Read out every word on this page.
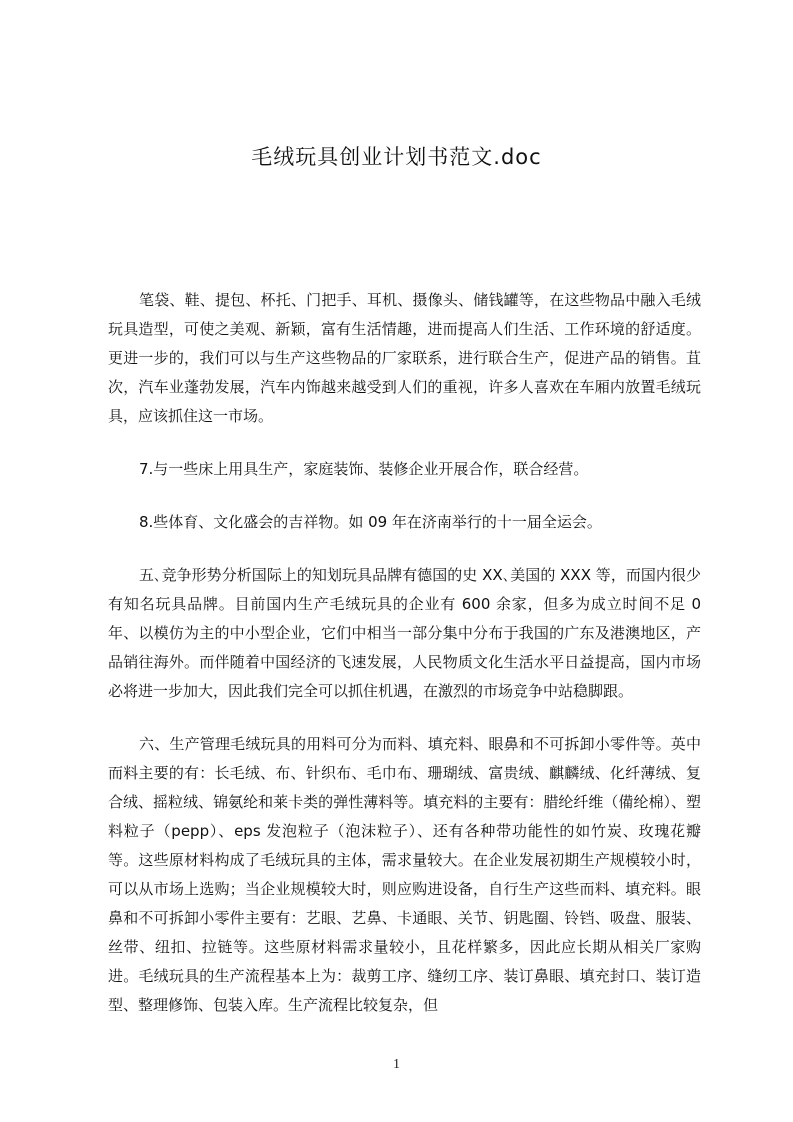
毛绒玩具创业计划书范文.doc

笔袋、鞋、提包、杯托、门把手、耳机、摄像头、储钱罐等，在这些物品中融入毛绒玩具造型，可使之美观、新颖，富有生活情趣，进而提高人们生活、工作环境的舒适度。更进一步的，我们可以与生产这些物品的厂家联系，进行联合生产，促进产品的销售。苴次，汽车业蓬勃发展，汽车内饰越来越受到人们的重视，许多人喜欢在车厢内放置毛绒玩具，应该抓住这一市场。

7.与一些床上用具生产，家庭装饰、装修企业开展合作，联合经营。

8.些体育、文化盛会的吉祥物。如 09 年在济南举行的十一届全运会。

五､竞争形势分析国际上的知划玩具品牌有德国的史 XX､美国的 XXX 等，而国内很少有知名玩具品牌。目前国内生产毛绒玩具的企业有 600 余家，但多为成立时间不足 0 年、以模仿为主的中小型企业，它们中相当一部分集中分布于我国的广东及港澳地区，产品销往海外。而伴随着中国经济的飞速发展，人民物质文化生活水平日益提高，国内市场必将进一步加大，因此我们完全可以抓住机遇，在激烈的市场竞争中站稳脚跟。

六、生产管理毛绒玩具的用料可分为而料、填充料、眼鼻和不可拆卸小零件等。英中而料主要的有：长毛绒、布、针织布、毛巾布、珊瑚绒、富贵绒、麒麟绒、化纤薄绒、复合绒、摇粒绒、锦氨纶和莱卡类的弹性薄料等。填充料的主要有：腊纶纤维（備纶棉）、塑料粒子（pepp）、eps 发泡粒子（泡沫粒子）、还有各种带功能性的如竹炭、玫瑰花瓣等。这些原材料构成了毛绒玩具的主体，需求量较大。在企业发展初期生产规模较小时，可以从市场上选购；当企业规模较大时，则应购进设备，自行生产这些而料、填充料。眼鼻和不可拆卸小零件主要有：艺眼、艺鼻、卡通眼、关节、钥匙圈、铃铛、吸盘、服装、丝带、纽扣、拉链等。这些原材料需求量较小，且花样繁多，因此应长期从相关厂家购进。毛绒玩具的生产流程基本上为：裁剪工序、缝纫工序、装订鼻眼、填充封口、装订造型、整理修饰、包装入库。生产流程比较复杂，但

1
